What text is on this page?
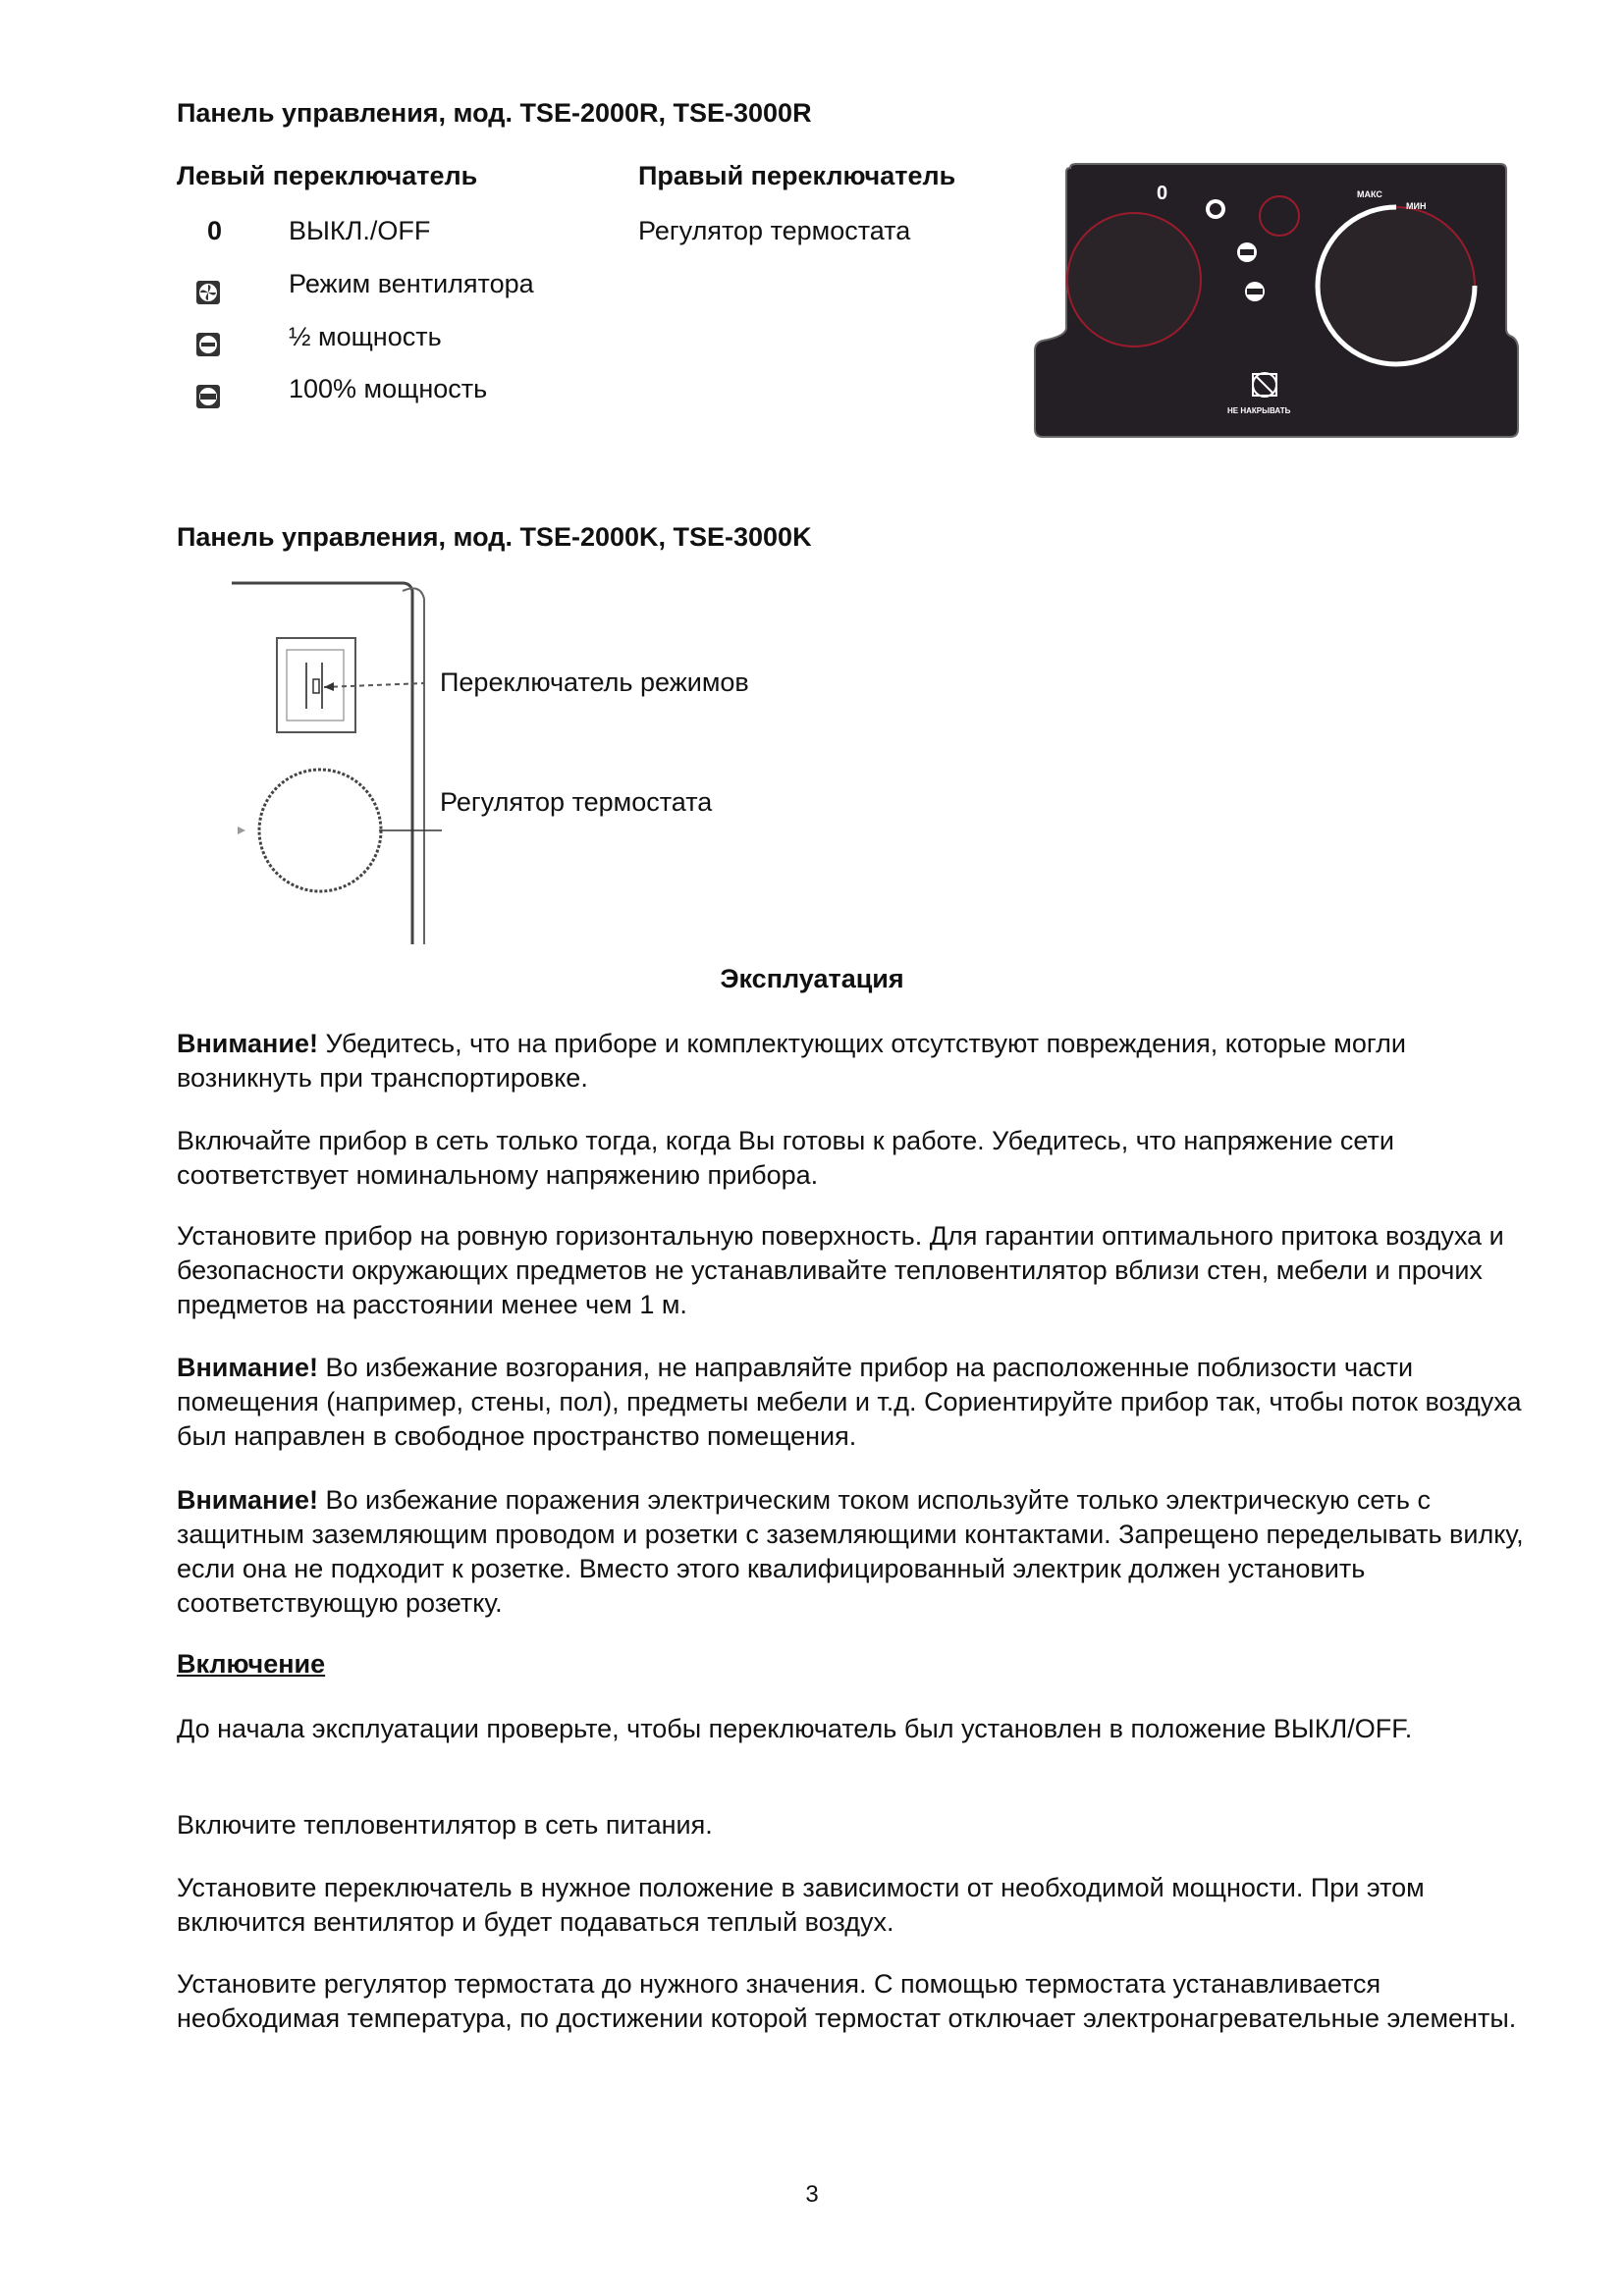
Панель управления, мод. TSE-2000R, TSE-3000R
Левый переключатель	Правый переключатель
0	ВЫКЛ./OFF	Регулятор термостата
Режим вентилятора
½ мощность
100% мощность
0	МАКС
МИН
НЕ НАКРЫВАТЬ
Панель управления, мод. TSE-2000K, TSE-3000K
Переключатель режимов
Регулятор термостата
Эксплуатация

Внимание! Убедитесь, что на приборе и комплектующих отсутствуют повреждения, которые могли возникнуть при транспортировке.

Включайте прибор в сеть только тогда, когда Вы готовы к работе. Убедитесь, что напряжение сети соответствует номинальному напряжению прибора.

Установите прибор на ровную горизонтальную поверхность. Для гарантии оптимального притока воздуха и безопасности окружающих предметов не устанавливайте тепловентилятор вблизи стен, мебели и прочих предметов на расстоянии менее чем 1 м.

Внимание! Во избежание возгорания, не направляйте прибор на расположенные поблизости части помещения (например, стены, пол), предметы мебели и т.д. Сориентируйте прибор так, чтобы поток воздуха был направлен в свободное пространство помещения.

Внимание! Во избежание поражения электрическим током используйте только электрическую сеть с защитным заземляющим проводом и розетки с заземляющими контактами. Запрещено переделывать вилку, если она не подходит к розетке. Вместо этого квалифицированный электрик должен установить соответствующую розетку.

Включение

До начала эксплуатации проверьте, чтобы переключатель был установлен в положение ВЫКЛ/OFF.

Включите тепловентилятор в сеть питания.

Установите переключатель в нужное положение в зависимости от необходимой мощности. При этом включится вентилятор и будет подаваться теплый воздух.

Установите регулятор термостата до нужного значения. С помощью термостата устанавливается необходимая температура, по достижении которой термостат отключает электронагревательные элементы.

3
